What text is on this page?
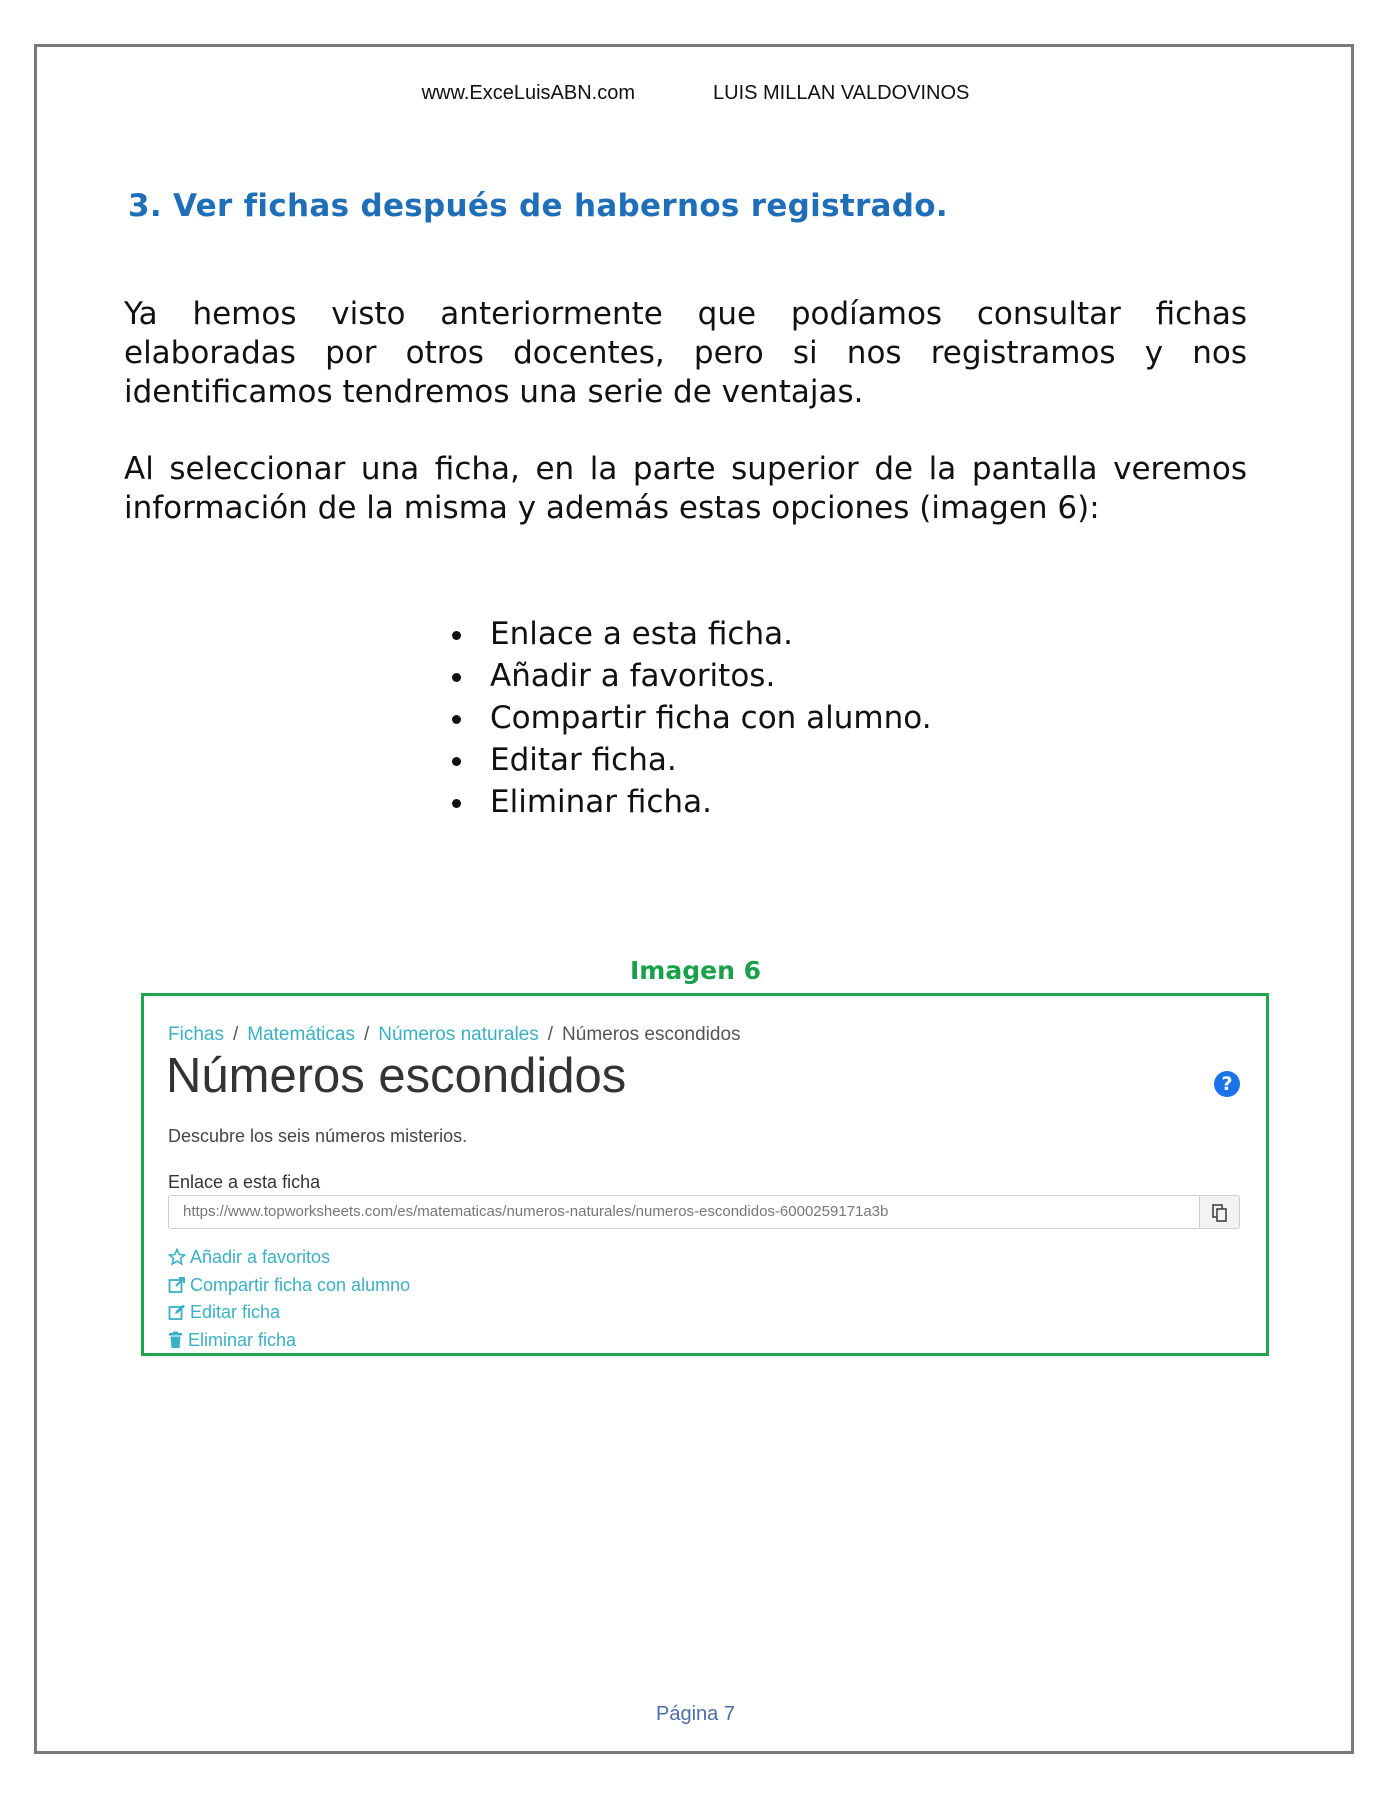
www.ExceLuisABN.com	LUIS MILLAN VALDOVINOS
3. Ver fichas después de habernos registrado.
Ya hemos visto anteriormente que podíamos consultar fichas elaboradas por otros docentes, pero si nos registramos y nos identificamos tendremos una serie de ventajas.
Al seleccionar una ficha, en la parte superior de la pantalla veremos información de la misma y además estas opciones (imagen 6):
Enlace a esta ficha.
Añadir a favoritos.
Compartir ficha con alumno.
Editar ficha.
Eliminar ficha.
Imagen 6
Fichas / Matemáticas / Números naturales / Números escondidos
Números escondidos	?
Descubre los seis números misterios.
Enlace a esta ficha
https://www.topworksheets.com/es/matematicas/numeros-naturales/numeros-escondidos-6000259171a3b
Añadir a favoritos
Compartir ficha con alumno
Editar ficha
Eliminar ficha
Página 7
